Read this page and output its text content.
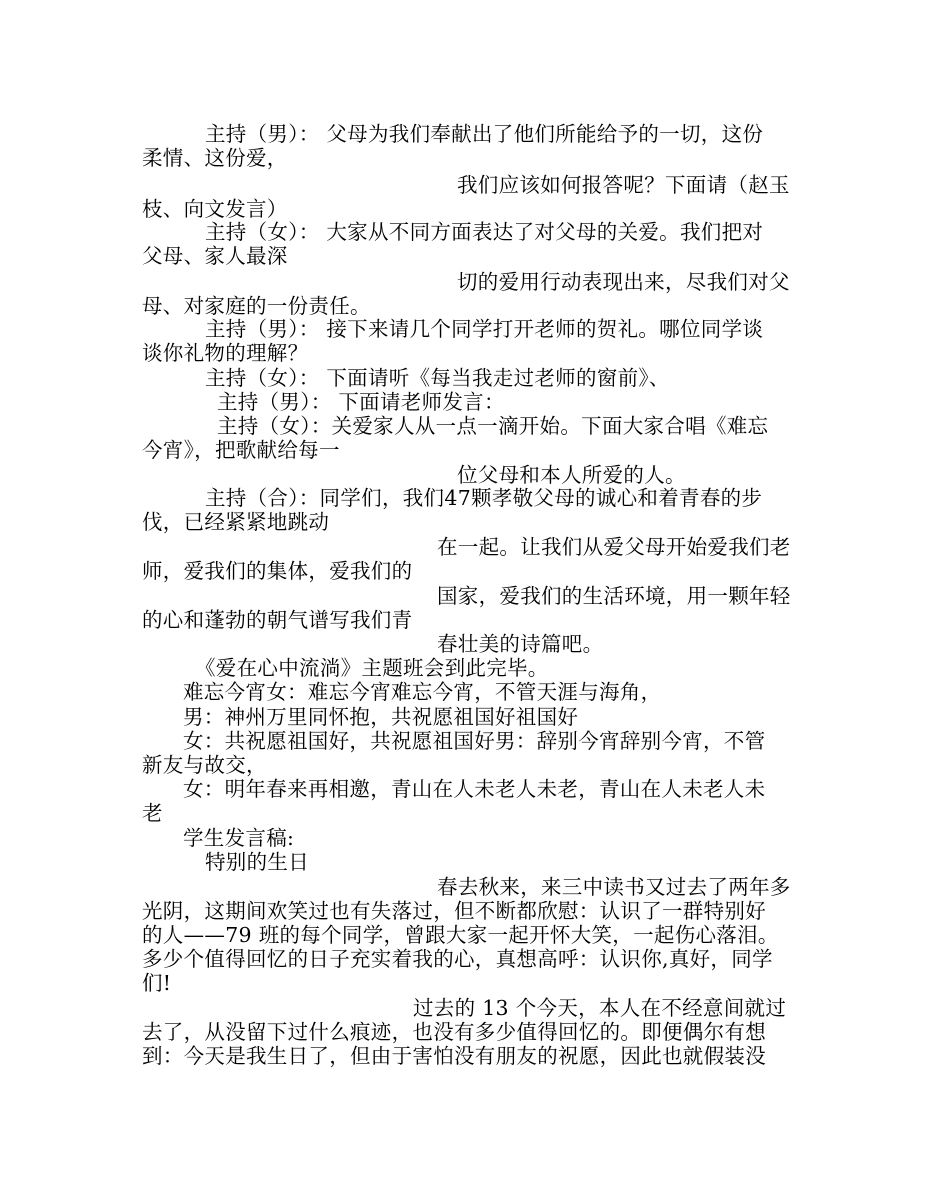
主持（男）： 父母为我们奉献出了他们所能给予的一切，这份
柔情、这份爱，
我们应该如何报答呢？下面请（赵玉
枝、向文发言）
主持（女）： 大家从不同方面表达了对父母的关爱。我们把对
父母、家人最深
切的爱用行动表现出来，尽我们对父
母、对家庭的一份责任。
主持（男）： 接下来请几个同学打开老师的贺礼。哪位同学谈
谈你礼物的理解？
主持（女）： 下面请听《每当我走过老师的窗前》、
主持（男）： 下面请老师发言：
主持（女）：关爱家人从一点一滴开始。下面大家合唱《难忘
今宵》，把歌献给每一
位父母和本人所爱的人。
主持（合）：同学们，我们47颗孝敬父母的诚心和着青春的步
伐，已经紧紧地跳动
在一起。让我们从爱父母开始爱我们老
师，爱我们的集体，爱我们的
国家，爱我们的生活环境，用一颗年轻
的心和蓬勃的朝气谱写我们青
春壮美的诗篇吧。
《爱在心中流淌》主题班会到此完毕。
难忘今宵女：难忘今宵难忘今宵，不管天涯与海角，
男：神州万里同怀抱，共祝愿祖国好祖国好
女：共祝愿祖国好，共祝愿祖国好男：辞别今宵辞别今宵，不管
新友与故交，
女：明年春来再相邀，青山在人未老人未老，青山在人未老人未
老
学生发言稿:
特别的生日
春去秋来，来三中读书又过去了两年多
光阴，这期间欢笑过也有失落过，但不断都欣慰：认识了一群特别好
的人——79 班的每个同学，曾跟大家一起开怀大笑，一起伤心落泪。
多少个值得回忆的日子充实着我的心，真想高呼：认识你,真好，同学
们!
过去的 13 个今天，本人在不经意间就过
去了，从没留下过什么痕迹，也没有多少值得回忆的。即便偶尔有想
到：今天是我生日了，但由于害怕没有朋友的祝愿，因此也就假装没
